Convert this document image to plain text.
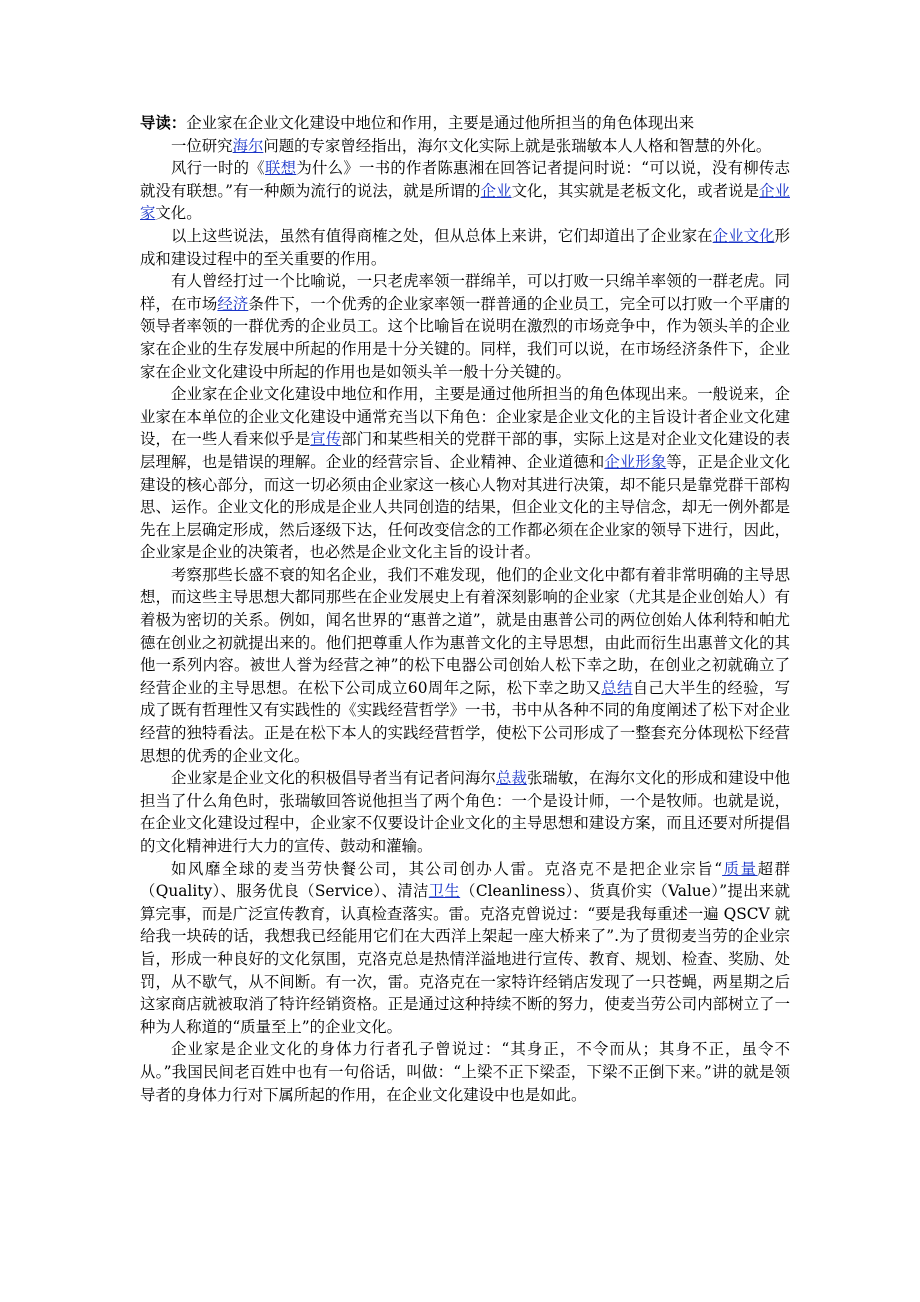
导读：企业家在企业文化建设中地位和作用，主要是通过他所担当的角色体现出来

一位研究海尔问题的专家曾经指出，海尔文化实际上就是张瑞敏本人人格和智慧的外化。

风行一时的《联想为什么》一书的作者陈惠湘在回答记者提问时说：“可以说，没有柳传志就没有联想。”有一种颇为流行的说法，就是所谓的企业文化，其实就是老板文化，或者说是企业家文化。

以上这些说法，虽然有值得商榷之处，但从总体上来讲，它们却道出了企业家在企业文化形成和建设过程中的至关重要的作用。

有人曾经打过一个比喻说，一只老虎率领一群绵羊，可以打败一只绵羊率领的一群老虎。同样，在市场经济条件下，一个优秀的企业家率领一群普通的企业员工，完全可以打败一个平庸的领导者率领的一群优秀的企业员工。这个比喻旨在说明在激烈的市场竞争中，作为领头羊的企业家在企业的生存发展中所起的作用是十分关键的。同样，我们可以说，在市场经济条件下，企业家在企业文化建设中所起的作用也是如领头羊一般十分关键的。

企业家在企业文化建设中地位和作用，主要是通过他所担当的角色体现出来。一般说来，企业家在本单位的企业文化建设中通常充当以下角色：企业家是企业文化的主旨设计者企业文化建设，在一些人看来似乎是宣传部门和某些相关的党群干部的事，实际上这是对企业文化建设的表层理解，也是错误的理解。企业的经营宗旨、企业精神、企业道德和企业形象等，正是企业文化建设的核心部分，而这一切必须由企业家这一核心人物对其进行决策，却不能只是靠党群干部构思、运作。企业文化的形成是企业人共同创造的结果，但企业文化的主导信念，却无一例外都是先在上层确定形成，然后逐级下达，任何改变信念的工作都必须在企业家的领导下进行，因此，企业家是企业的决策者，也必然是企业文化主旨的设计者。

考察那些长盛不衰的知名企业，我们不难发现，他们的企业文化中都有着非常明确的主导思想，而这些主导思想大都同那些在企业发展史上有着深刻影响的企业家（尤其是企业创始人）有着极为密切的关系。例如，闻名世界的“惠普之道”，就是由惠普公司的两位创始人体利特和帕尤德在创业之初就提出来的。他们把尊重人作为惠普文化的主导思想，由此而衍生出惠普文化的其他一系列内容。被世人誉为经营之神”的松下电器公司创始人松下幸之助，在创业之初就确立了经营企业的主导思想。在松下公司成立60周年之际，松下幸之助又总结自己大半生的经验，写成了既有哲理性又有实践性的《实践经营哲学》一书，书中从各种不同的角度阐述了松下对企业经营的独特看法。正是在松下本人的实践经营哲学，使松下公司形成了一整套充分体现松下经营思想的优秀的企业文化。

企业家是企业文化的积极倡导者当有记者问海尔总裁张瑞敏，在海尔文化的形成和建设中他担当了什么角色时，张瑞敏回答说他担当了两个角色：一个是设计师，一个是牧师。也就是说，在企业文化建设过程中，企业家不仅要设计企业文化的主导思想和建设方案，而且还要对所提倡的文化精神进行大力的宣传、鼓动和灌输。

如风靡全球的麦当劳快餐公司，其公司创办人雷。克洛克不是把企业宗旨“质量超群（Quality）、服务优良（Service）、清洁卫生（Cleanliness）、货真价实（Value）”提出来就算完事，而是广泛宣传教育，认真检查落实。雷。克洛克曾说过：“要是我每重述一遍 QSCV 就给我一块砖的话，我想我已经能用它们在大西洋上架起一座大桥来了”.为了贯彻麦当劳的企业宗旨，形成一种良好的文化氛围，克洛克总是热情洋溢地进行宣传、教育、规划、检查、奖励、处罚，从不歇气，从不间断。有一次，雷。克洛克在一家特许经销店发现了一只苍蝇，两星期之后这家商店就被取消了特许经销资格。正是通过这种持续不断的努力，使麦当劳公司内部树立了一种为人称道的“质量至上”的企业文化。

企业家是企业文化的身体力行者孔子曾说过：“其身正，不令而从；其身不正，虽令不从。”我国民间老百姓中也有一句俗话，叫做：“上梁不正下梁歪，下梁不正倒下来。”讲的就是领导者的身体力行对下属所起的作用，在企业文化建设中也是如此。
